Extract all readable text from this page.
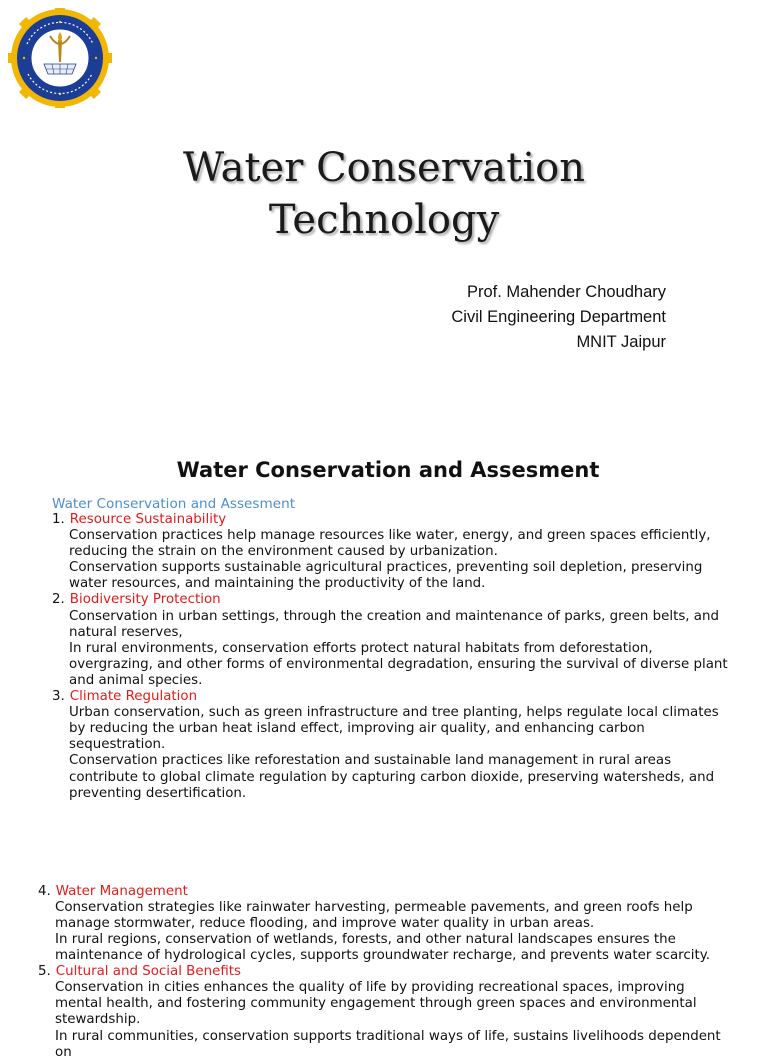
Water Conservation
Technology
Prof. Mahender Choudhary
Civil Engineering Department
MNIT Jaipur
Water Conservation and Assesment
Water Conservation and Assesment
1. Resource Sustainability

Conservation practices help manage resources like water, energy, and green spaces efficiently, reducing the strain on the environment caused by urbanization.

Conservation supports sustainable agricultural practices, preventing soil depletion, preserving water resources, and maintaining the productivity of the land.

2. Biodiversity Protection

Conservation in urban settings, through the creation and maintenance of parks, green belts, and natural reserves,

In rural environments, conservation efforts protect natural habitats from deforestation, overgrazing, and other forms of environmental degradation, ensuring the survival of diverse plant and animal species.

3. Climate Regulation

Urban conservation, such as green infrastructure and tree planting, helps regulate local climates by reducing the urban heat island effect, improving air quality, and enhancing carbon sequestration.

Conservation practices like reforestation and sustainable land management in rural areas contribute to global climate regulation by capturing carbon dioxide, preserving watersheds, and preventing desertification.

4. Water Management

Conservation strategies like rainwater harvesting, permeable pavements, and green roofs help manage stormwater, reduce flooding, and improve water quality in urban areas.

In rural regions, conservation of wetlands, forests, and other natural landscapes ensures the maintenance of hydrological cycles, supports groundwater recharge, and prevents water scarcity.

5. Cultural and Social Benefits

Conservation in cities enhances the quality of life by providing recreational spaces, improving mental health, and fostering community engagement through green spaces and environmental stewardship.

In rural communities, conservation supports traditional ways of life, sustains livelihoods dependent on
